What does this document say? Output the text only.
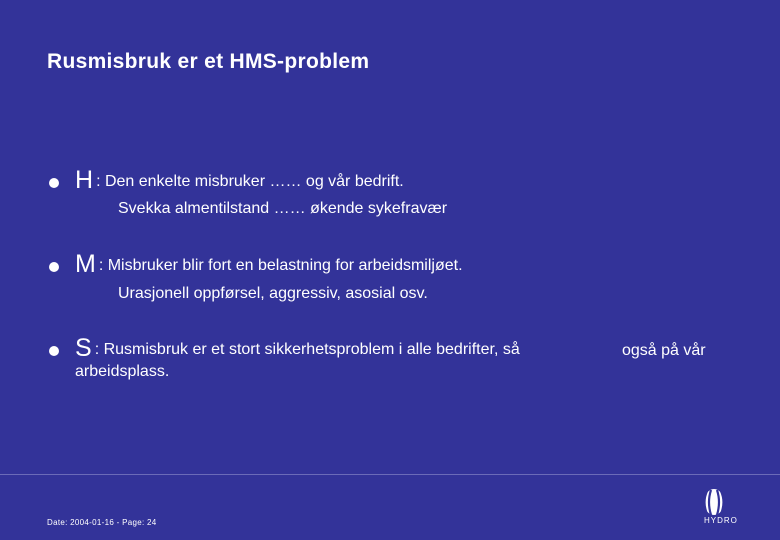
Rusmisbruk er et HMS-problem
H : Den enkelte misbruker …… og vår bedrift.
Svekka almentilstand …… økende sykefravær
M : Misbruker blir fort en belastning for arbeidsmiljøet.
Urasjonell oppførsel, aggressiv, asosial osv.
S : Rusmisbruk er et stort sikkerhetsproblem i alle bedrifter, så	også på vår
arbeidsplass.
Date: 2004-01-16 - Page: 24	HYDRO
